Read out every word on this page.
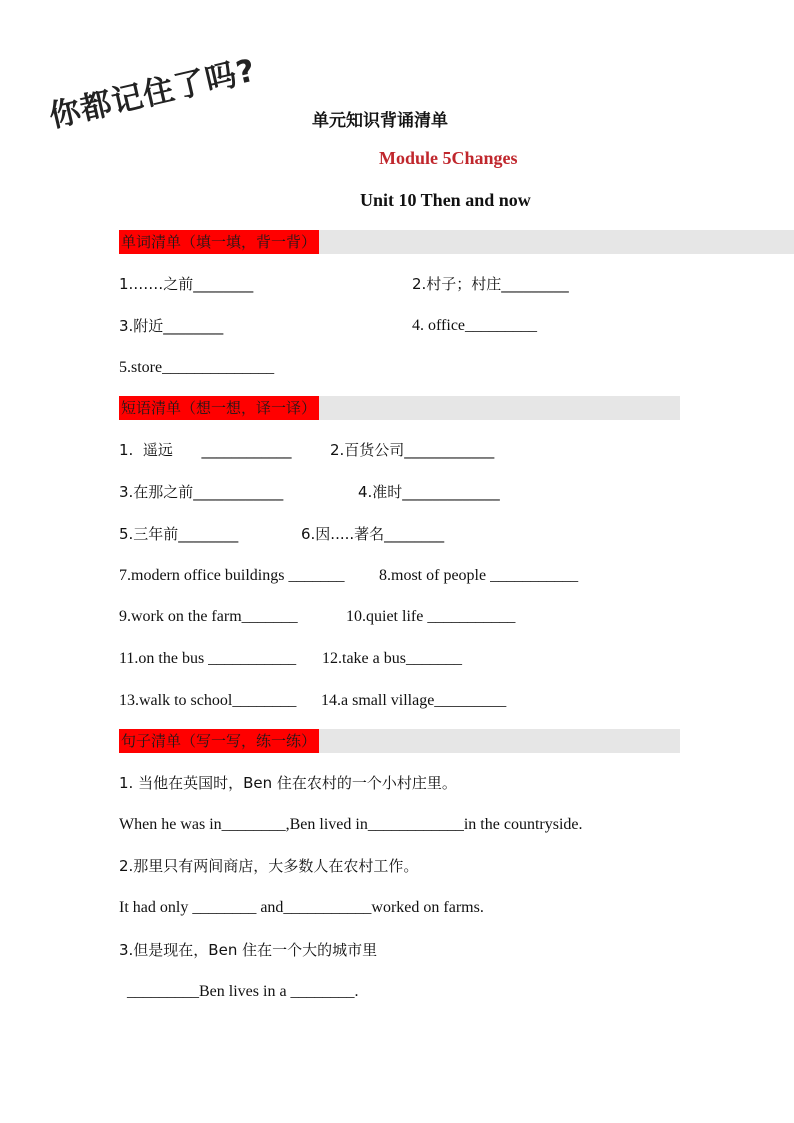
你都记住了吗?	单元知识背诵清单
Module 5Changes
Unit 10 Then and now
单词清单（填一填，背一背）
1.……之前________	2.村子；村庄_________
3.附近________	4. office_________
5.store______________
短语清单（想一想，译一译）
1.  遥远      ____________	2.百货公司____________
3.在那之前____________	4.准时_____________
5.三年前________	6.因.....著名________
7.modern office buildings _______ 8.most of people ___________
9.work on the farm_______	10.quiet life ___________
11.on the bus ___________ 12.take a bus_______
13.walk to school________ 14.a small village_________
句子清单（写一写，练一练）
1. 当他在英国时，Ben 住在农村的一个小村庄里。
When he was in________,Ben lived in____________in the countryside.
2.那里只有两间商店，大多数人在农村工作。
It had only ________ and___________worked on farms.
3.但是现在，Ben 住在一个大的城市里
_________Ben lives in a ________.
